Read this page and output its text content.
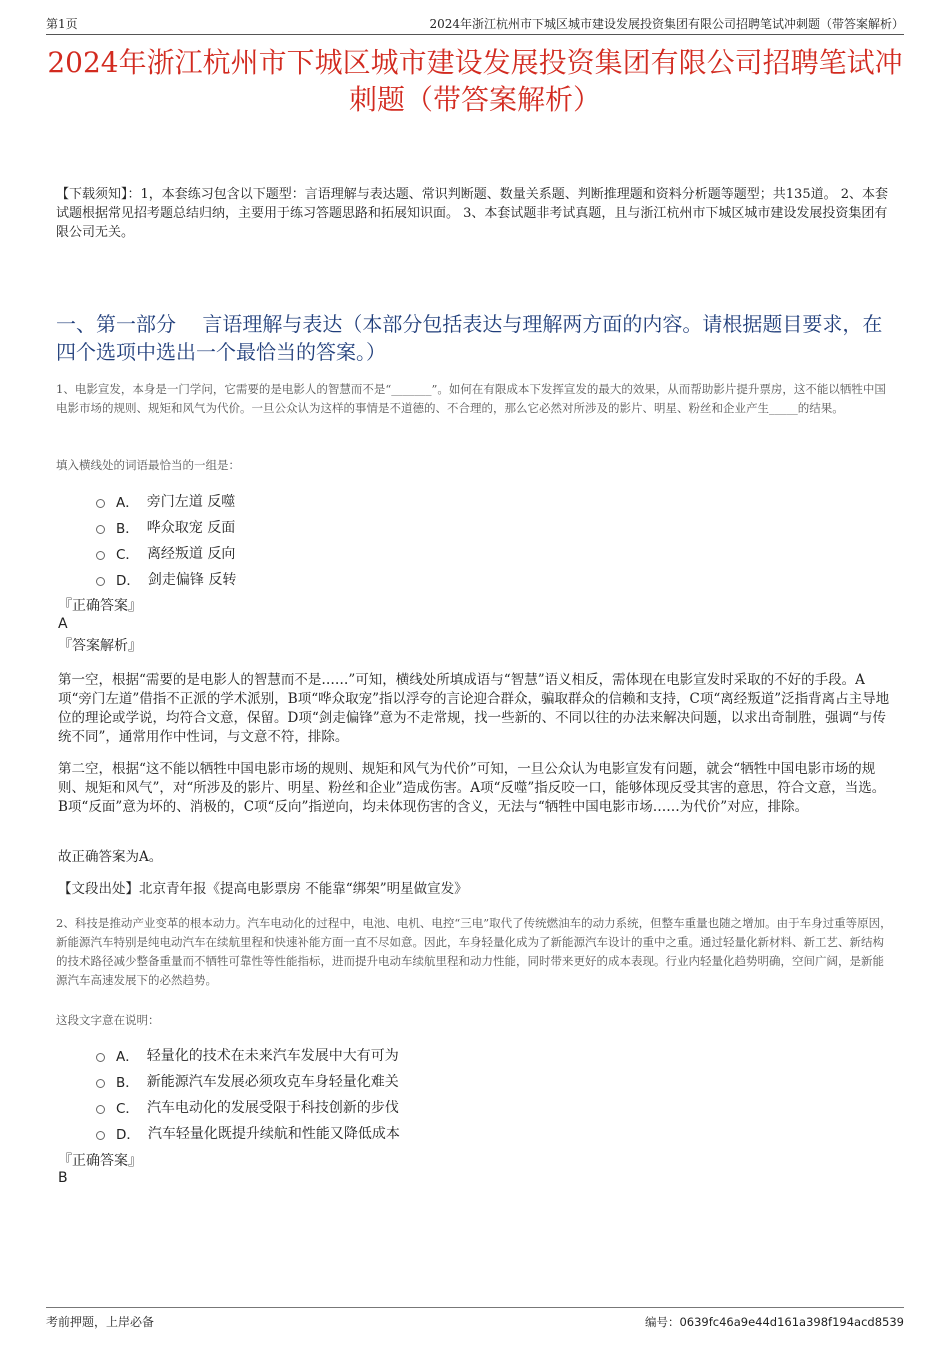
第1页	2024年浙江杭州市下城区城市建设发展投资集团有限公司招聘笔试冲刺题（带答案解析）
2024年浙江杭州市下城区城市建设发展投资集团有限公司招聘笔试冲刺题（带答案解析）
【下载须知】：1，本套练习包含以下题型：言语理解与表达题、常识判断题、数量关系题、判断推理题和资料分析题等题型；共135道。 2、本套试题根据常见招考题总结归纳，主要用于练习答题思路和拓展知识面。 3、本套试题非考试真题，且与浙江杭州市下城区城市建设发展投资集团有限公司无关。
一、第一部分　 言语理解与表达（本部分包括表达与理解两方面的内容。请根据题目要求，在四个选项中选出一个最恰当的答案。）
1、电影宣发，本身是一门学问，它需要的是电影人的智慧而不是“_______”。如何在有限成本下发挥宣发的最大的效果，从而帮助影片提升票房，这不能以牺牲中国电影市场的规则、规矩和风气为代价。一旦公众认为这样的事情是不道德的、不合理的，那么它必然对所涉及的影片、明星、粉丝和企业产生_____的结果。
填入横线处的词语最恰当的一组是：
A． 旁门左道 反噬
B． 哗众取宠 反面
C． 离经叛道 反向
D． 剑走偏锋 反转
『正确答案』
A
『答案解析』

第一空，根据“需要的是电影人的智慧而不是……”可知，横线处所填成语与“智慧”语义相反，需体现在电影宣发时采取的不好的手段。A项“旁门左道”借指不正派的学术派别，B项“哗众取宠”指以浮夸的言论迎合群众，骗取群众的信赖和支持，C项“离经叛道”泛指背离占主导地位的理论或学说，均符合文意，保留。D项“剑走偏锋”意为不走常规，找一些新的、不同以往的办法来解决问题，以求出奇制胜，强调“与传统不同”，通常用作中性词，与文意不符，排除。

第二空，根据“这不能以牺牲中国电影市场的规则、规矩和风气为代价”可知，一旦公众认为电影宣发有问题，就会“牺牲中国电影市场的规则、规矩和风气”，对“所涉及的影片、明星、粉丝和企业”造成伤害。A项“反噬”指反咬一口，能够体现反受其害的意思，符合文意，当选。B项“反面”意为坏的、消极的，C项“反向”指逆向，均未体现伤害的含义，无法与“牺牲中国电影市场……为代价”对应，排除。

故正确答案为A。

【文段出处】北京青年报《提高电影票房 不能靠“绑架”明星做宣发》

2、科技是推动产业变革的根本动力。汽车电动化的过程中，电池、电机、电控“三电”取代了传统燃油车的动力系统，但整车重量也随之增加。由于车身过重等原因，新能源汽车特别是纯电动汽车在续航里程和快速补能方面一直不尽如意。因此，车身轻量化成为了新能源汽车设计的重中之重。通过轻量化新材料、新工艺、新结构的技术路径减少整备重量而不牺牲可靠性等性能指标，进而提升电动车续航里程和动力性能，同时带来更好的成本表现。行业内轻量化趋势明确，空间广阔，是新能源汽车高速发展下的必然趋势。
这段文字意在说明：
A． 轻量化的技术在未来汽车发展中大有可为
B． 新能源汽车发展必须攻克车身轻量化难关
C． 汽车电动化的发展受限于科技创新的步伐
D． 汽车轻量化既提升续航和性能又降低成本
『正确答案』
B
考前押题，上岸必备	编号：0639fc46a9e44d161a398f194acd8539
